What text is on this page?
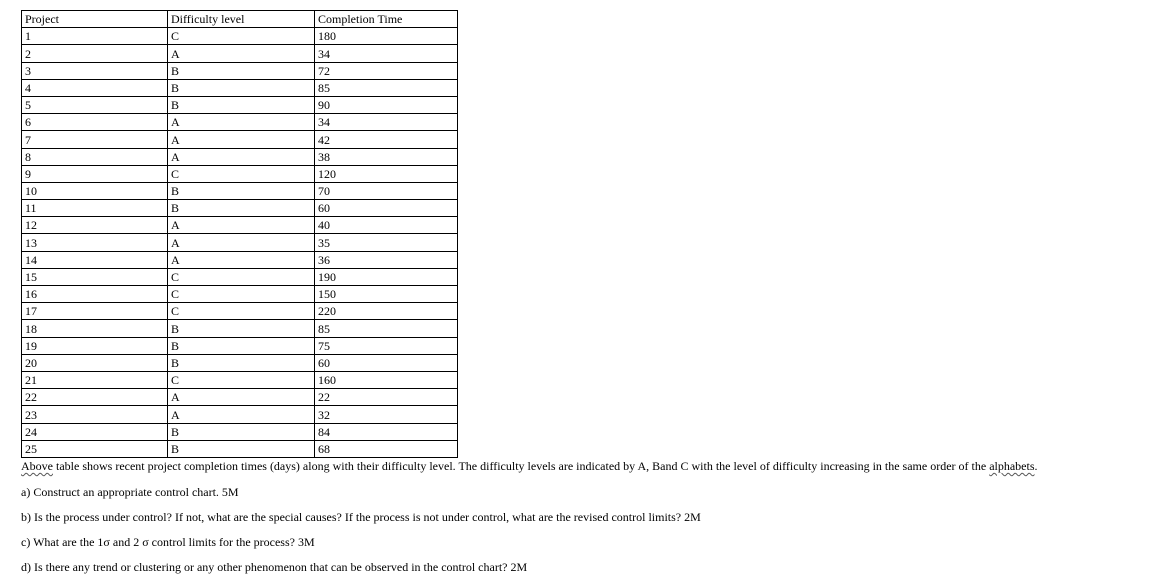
Project	Difficulty level	Completion Time
1	C	180
2	A	34
3	B	72
4	B	85
5	B	90
6	A	34
7	A	42
8	A	38
9	C	120
10	B	70
11	B	60
12	A	40
13	A	35
14	A	36
15	C	190
16	C	150
17	C	220
18	B	85
19	B	75
20	B	60
21	C	160
22	A	22
23	A	32
24	B	84
25	B	68
Above table shows recent project completion times (days) along with their difficulty level. The difficulty levels are indicated by A, Band C with the level of difficulty increasing in the same order of the alphabets.
a) Construct an appropriate control chart. 5M
b) Is the process under control? If not, what are the special causes? If the process is not under control, what are the revised control limits? 2M
c) What are the 1σ and 2 σ control limits for the process? 3M
d) Is there any trend or clustering or any other phenomenon that can be observed in the control chart? 2M
